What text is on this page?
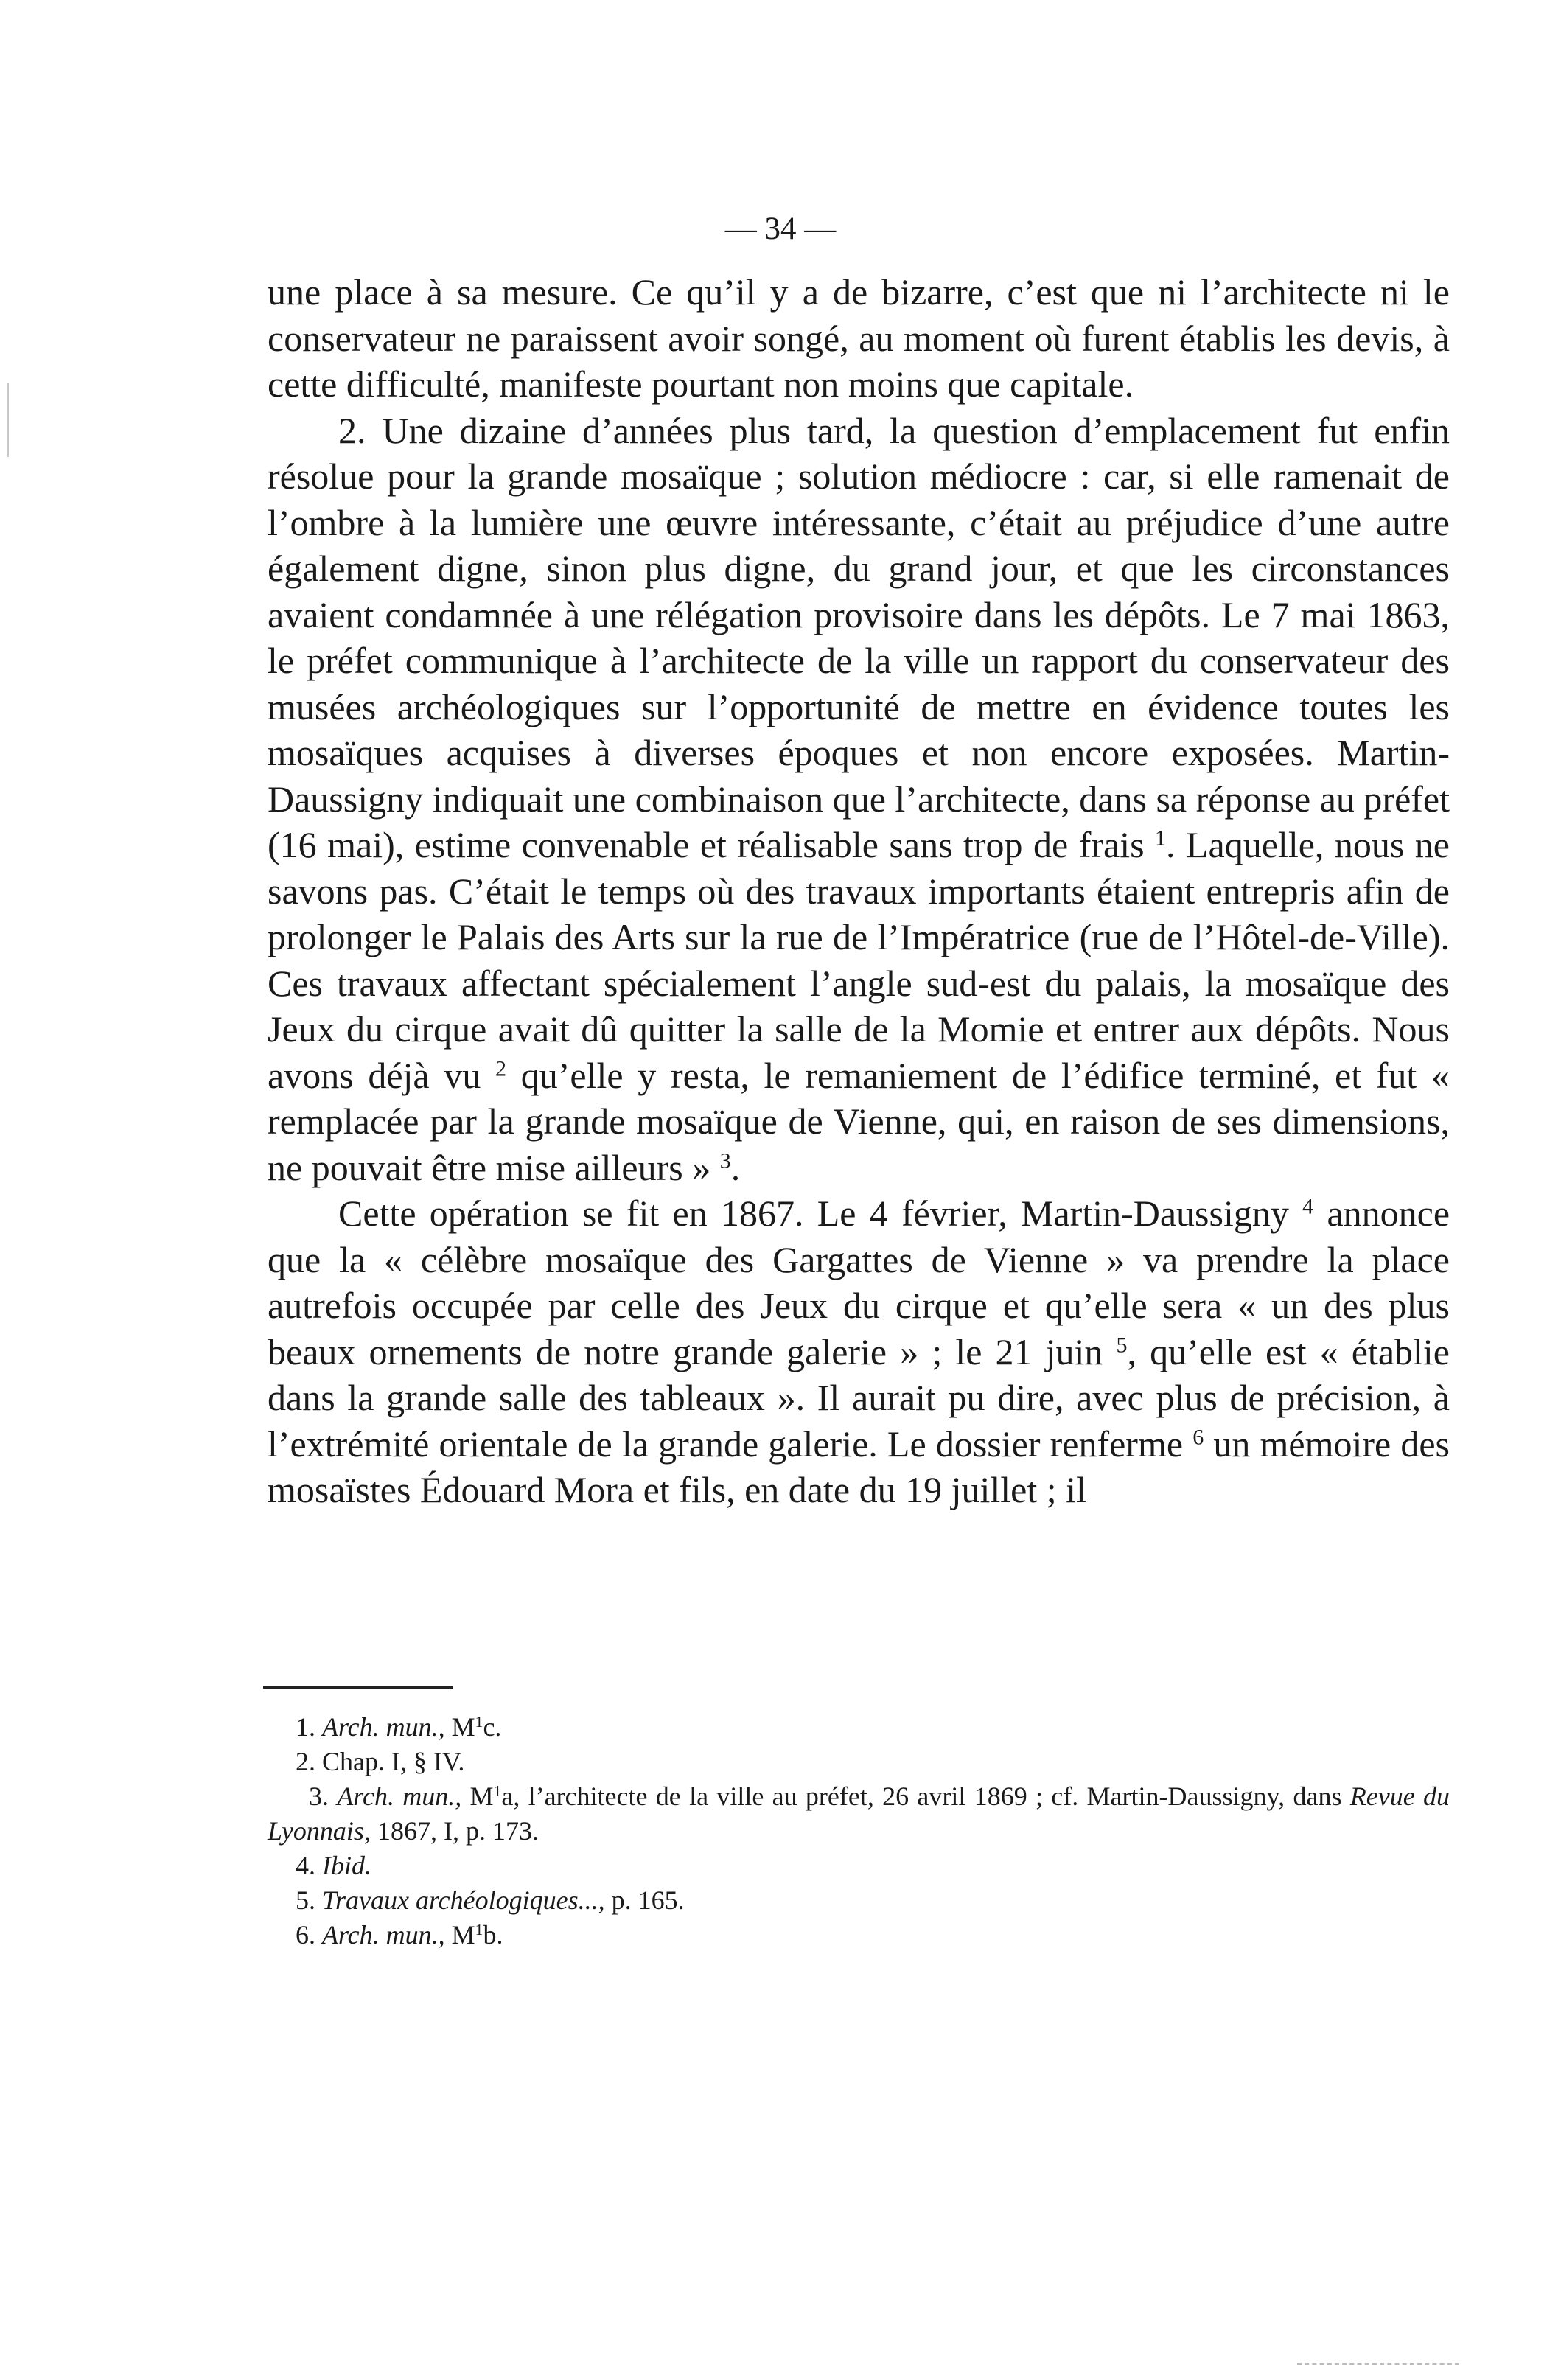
— 34 —

une place à sa mesure. Ce qu’il y a de bizarre, c’est que ni l’architecte ni le conservateur ne paraissent avoir songé, au moment où furent établis les devis, à cette difficulté, manifeste pourtant non moins que capitale.

2. Une dizaine d’années plus tard, la question d’emplacement fut enfin résolue pour la grande mosaïque ; solution médiocre : car, si elle ramenait de l’ombre à la lumière une œuvre intéressante, c’était au préjudice d’une autre également digne, sinon plus digne, du grand jour, et que les circonstances avaient condamnée à une rélégation provisoire dans les dépôts. Le 7 mai 1863, le préfet communique à l’architecte de la ville un rapport du conservateur des musées archéologiques sur l’opportunité de mettre en évidence toutes les mosaïques acquises à diverses époques et non encore exposées. Martin-Daussigny indiquait une combinaison que l’architecte, dans sa réponse au préfet (16 mai), estime convenable et réalisable sans trop de frais $^1$. Laquelle, nous ne savons pas. C’était le temps où des travaux importants étaient entrepris afin de prolonger le Palais des Arts sur la rue de l’Impératrice (rue de l’Hôtel-de-Ville). Ces travaux affectant spécialement l’angle sud-est du palais, la mosaïque des Jeux du cirque avait dû quitter la salle de la Momie et entrer aux dépôts. Nous avons déjà vu $^2$ qu’elle y resta, le remaniement de l’édifice terminé, et fut « remplacée par la grande mosaïque de Vienne, qui, en raison de ses dimensions, ne pouvait être mise ailleurs » $^3$.

Cette opération se fit en 1867. Le 4 février, Martin-Daussigny $^4$ annonce que la « célèbre mosaïque des Gargattes de Vienne » va prendre la place autrefois occupée par celle des Jeux du cirque et qu’elle sera « un des plus beaux ornements de notre grande galerie » ; le 21 juin $^5$, qu’elle est « établie dans la grande salle des tableaux ». Il aurait pu dire, avec plus de précision, à l’extrémité orientale de la grande galerie. Le dossier renferme $^6$ un mémoire des mosaïstes Édouard Mora et fils, en date du 19 juillet ; il

1. Arch. mun., $M^1c$.

2. Chap. I, § IV.

3. Arch. mun., $M^1a$, l’architecte de la ville au préfet, 26 avril 1869 ; cf. Martin-Daussigny, dans Revue du Lyonnais, 1867, I, p. 173.

4. Ibid.

5. Travaux archéologiques..., p. 165.

6. Arch. mun., $M^1b$.
